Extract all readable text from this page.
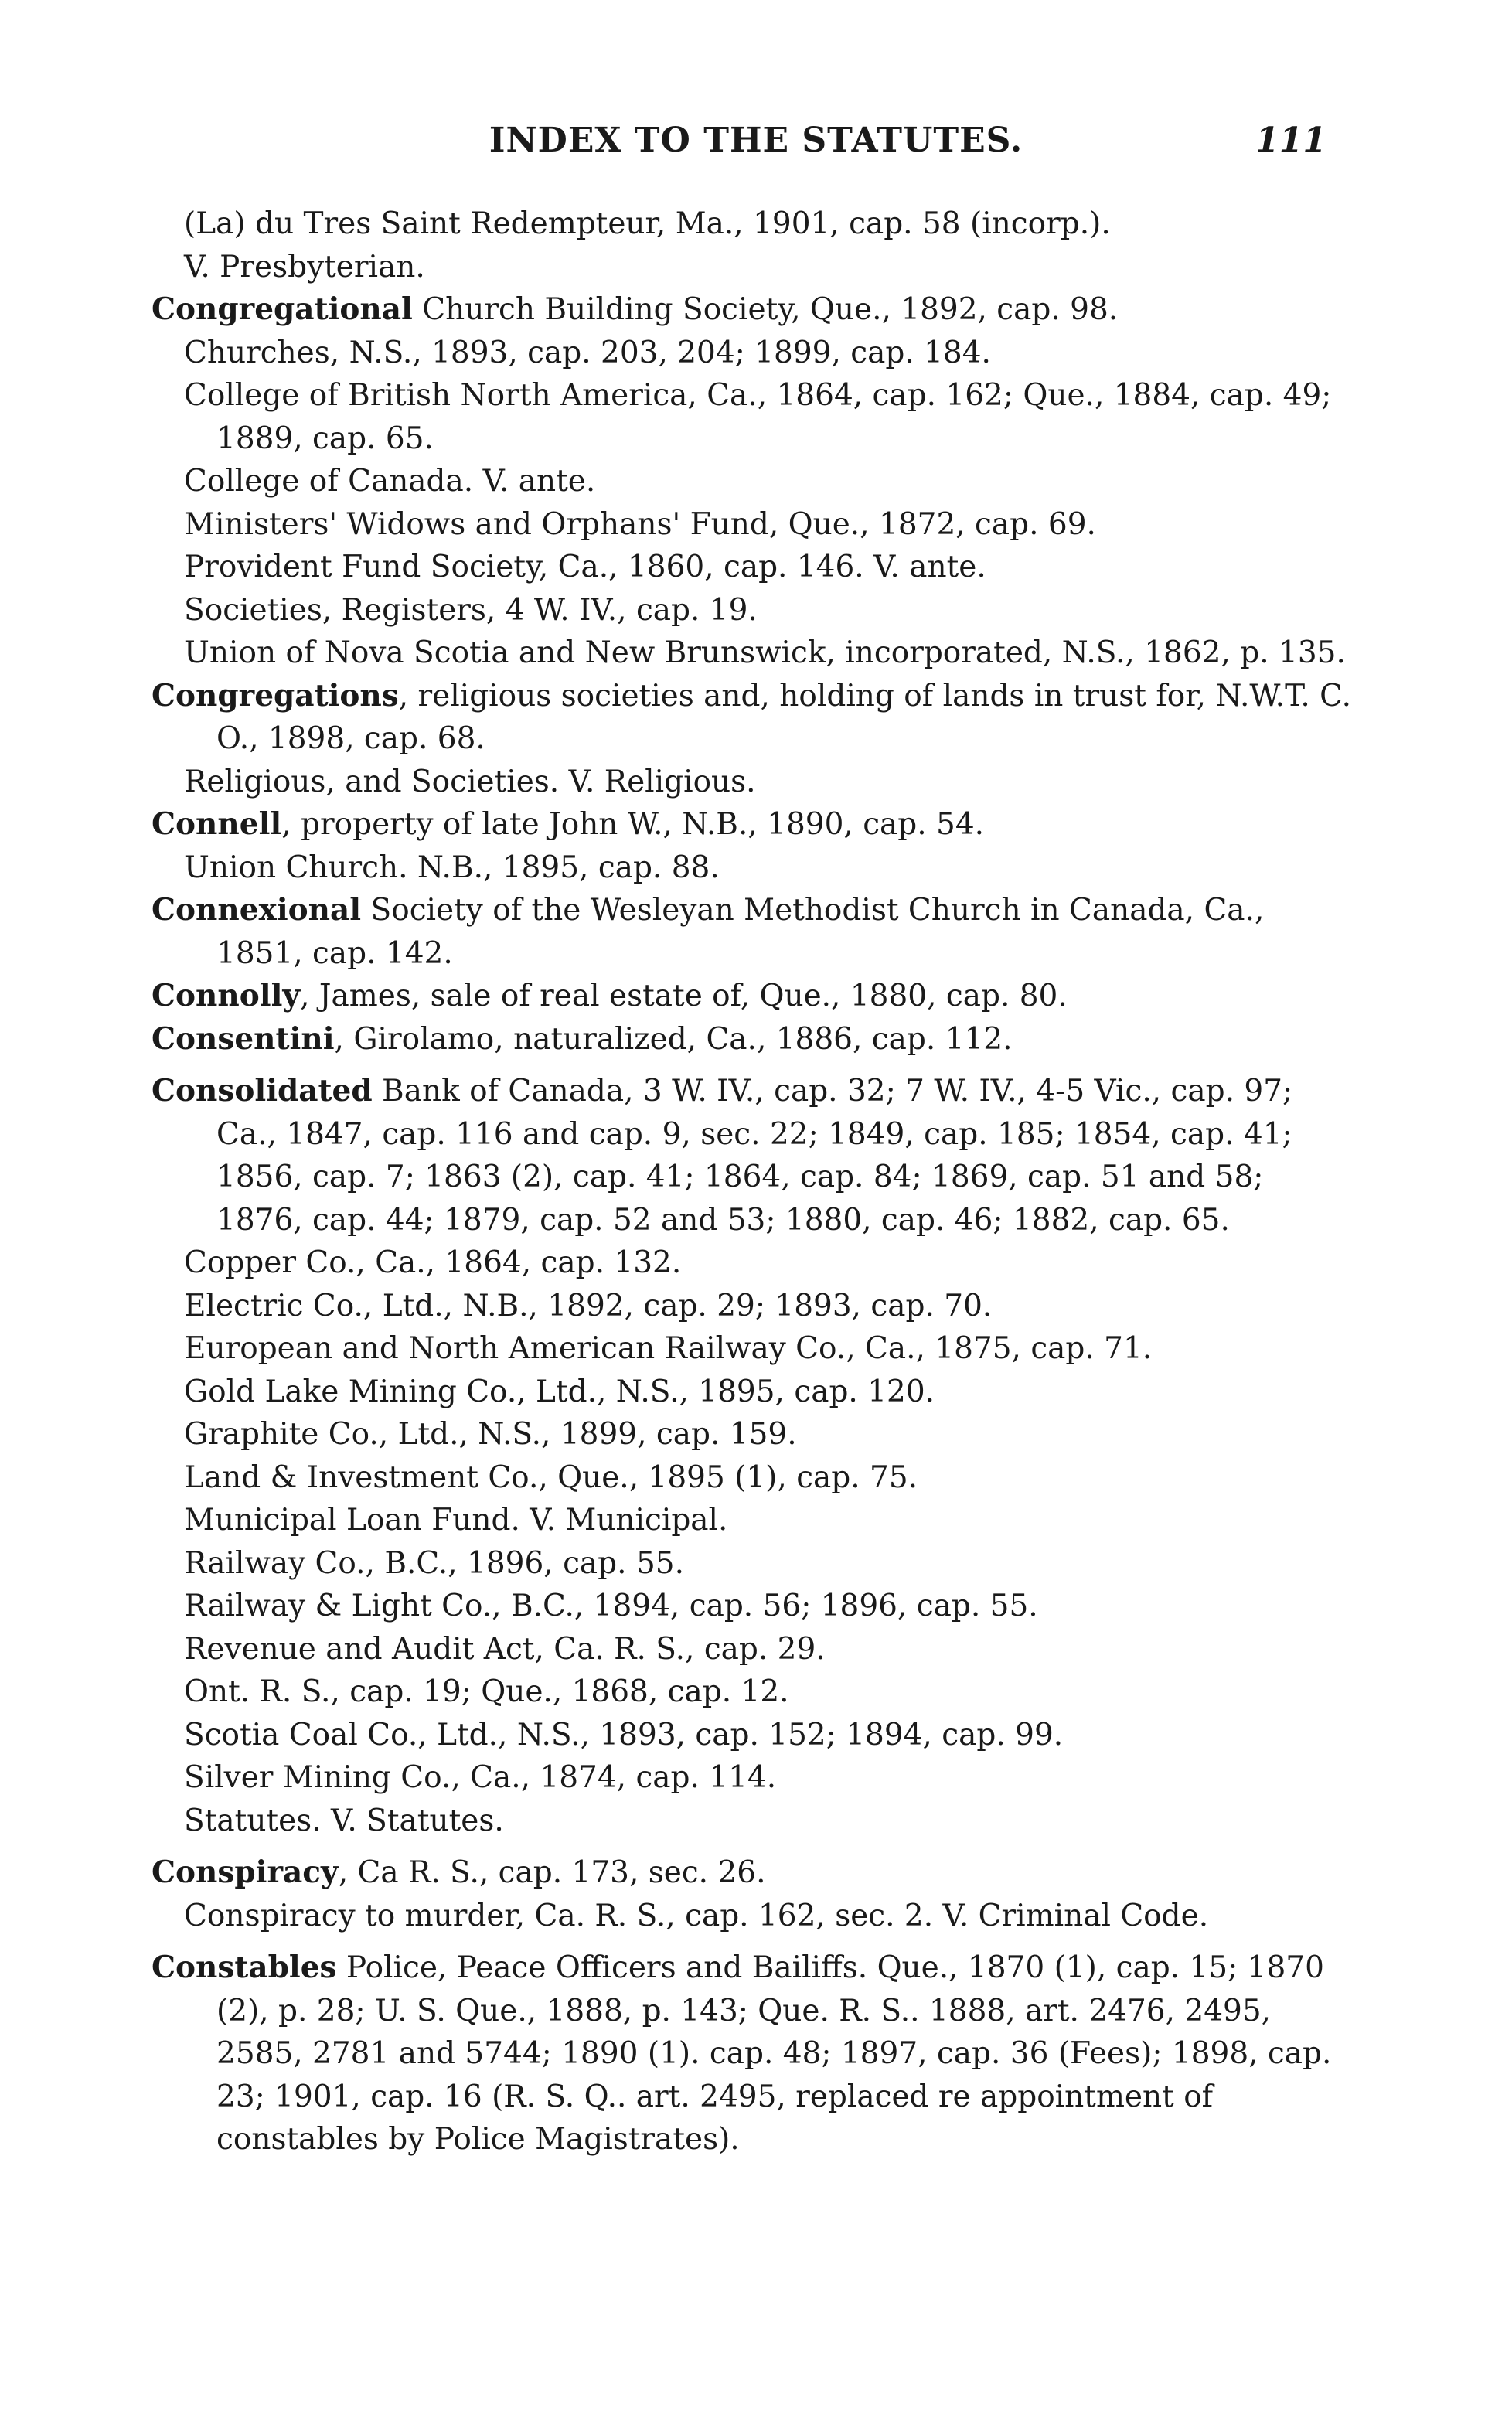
INDEX TO THE STATUTES.	111

(La) du Tres Saint Redempteur, Ma., 1901, cap. 58 (incorp.).

V. Presbyterian.

Congregational Church Building Society, Que., 1892, cap. 98.

Churches, N.S., 1893, cap. 203, 204; 1899, cap. 184.

College of British North America, Ca., 1864, cap. 162; Que., 1884, cap. 49; 1889, cap. 65.

College of Canada. V. ante.

Ministers' Widows and Orphans' Fund, Que., 1872, cap. 69.

Provident Fund Society, Ca., 1860, cap. 146. V. ante.

Societies, Registers, 4 W. IV., cap. 19.

Union of Nova Scotia and New Brunswick, incorporated, N.S., 1862, p. 135.

Congregations, religious societies and, holding of lands in trust for, N.W.T. C. O., 1898, cap. 68.

Religious, and Societies. V. Religious.

Connell, property of late John W., N.B., 1890, cap. 54.

Union Church. N.B., 1895, cap. 88.

Connexional Society of the Wesleyan Methodist Church in Canada, Ca., 1851, cap. 142.

Connolly, James, sale of real estate of, Que., 1880, cap. 80.

Consentini, Girolamo, naturalized, Ca., 1886, cap. 112.

Consolidated Bank of Canada, 3 W. IV., cap. 32; 7 W. IV., 4-5 Vic., cap. 97; Ca., 1847, cap. 116 and cap. 9, sec. 22; 1849, cap. 185; 1854, cap. 41; 1856, cap. 7; 1863 (2), cap. 41; 1864, cap. 84; 1869, cap. 51 and 58; 1876, cap. 44; 1879, cap. 52 and 53; 1880, cap. 46; 1882, cap. 65.

Copper Co., Ca., 1864, cap. 132.

Electric Co., Ltd., N.B., 1892, cap. 29; 1893, cap. 70.

European and North American Railway Co., Ca., 1875, cap. 71.

Gold Lake Mining Co., Ltd., N.S., 1895, cap. 120.

Graphite Co., Ltd., N.S., 1899, cap. 159.

Land & Investment Co., Que., 1895 (1), cap. 75.

Municipal Loan Fund. V. Municipal.

Railway Co., B.C., 1896, cap. 55.

Railway & Light Co., B.C., 1894, cap. 56; 1896, cap. 55.

Revenue and Audit Act, Ca. R. S., cap. 29.

Ont. R. S., cap. 19; Que., 1868, cap. 12.

Scotia Coal Co., Ltd., N.S., 1893, cap. 152; 1894, cap. 99.

Silver Mining Co., Ca., 1874, cap. 114.

Statutes. V. Statutes.

Conspiracy, Ca R. S., cap. 173, sec. 26.

Conspiracy to murder, Ca. R. S., cap. 162, sec. 2. V. Criminal Code.

Constables Police, Peace Officers and Bailiffs. Que., 1870 (1), cap. 15; 1870 (2), p. 28; U. S. Que., 1888, p. 143; Que. R. S.. 1888, art. 2476, 2495, 2585, 2781 and 5744; 1890 (1). cap. 48; 1897, cap. 36 (Fees); 1898, cap. 23; 1901, cap. 16 (R. S. Q.. art. 2495, replaced re appointment of constables by Police Magistrates).
